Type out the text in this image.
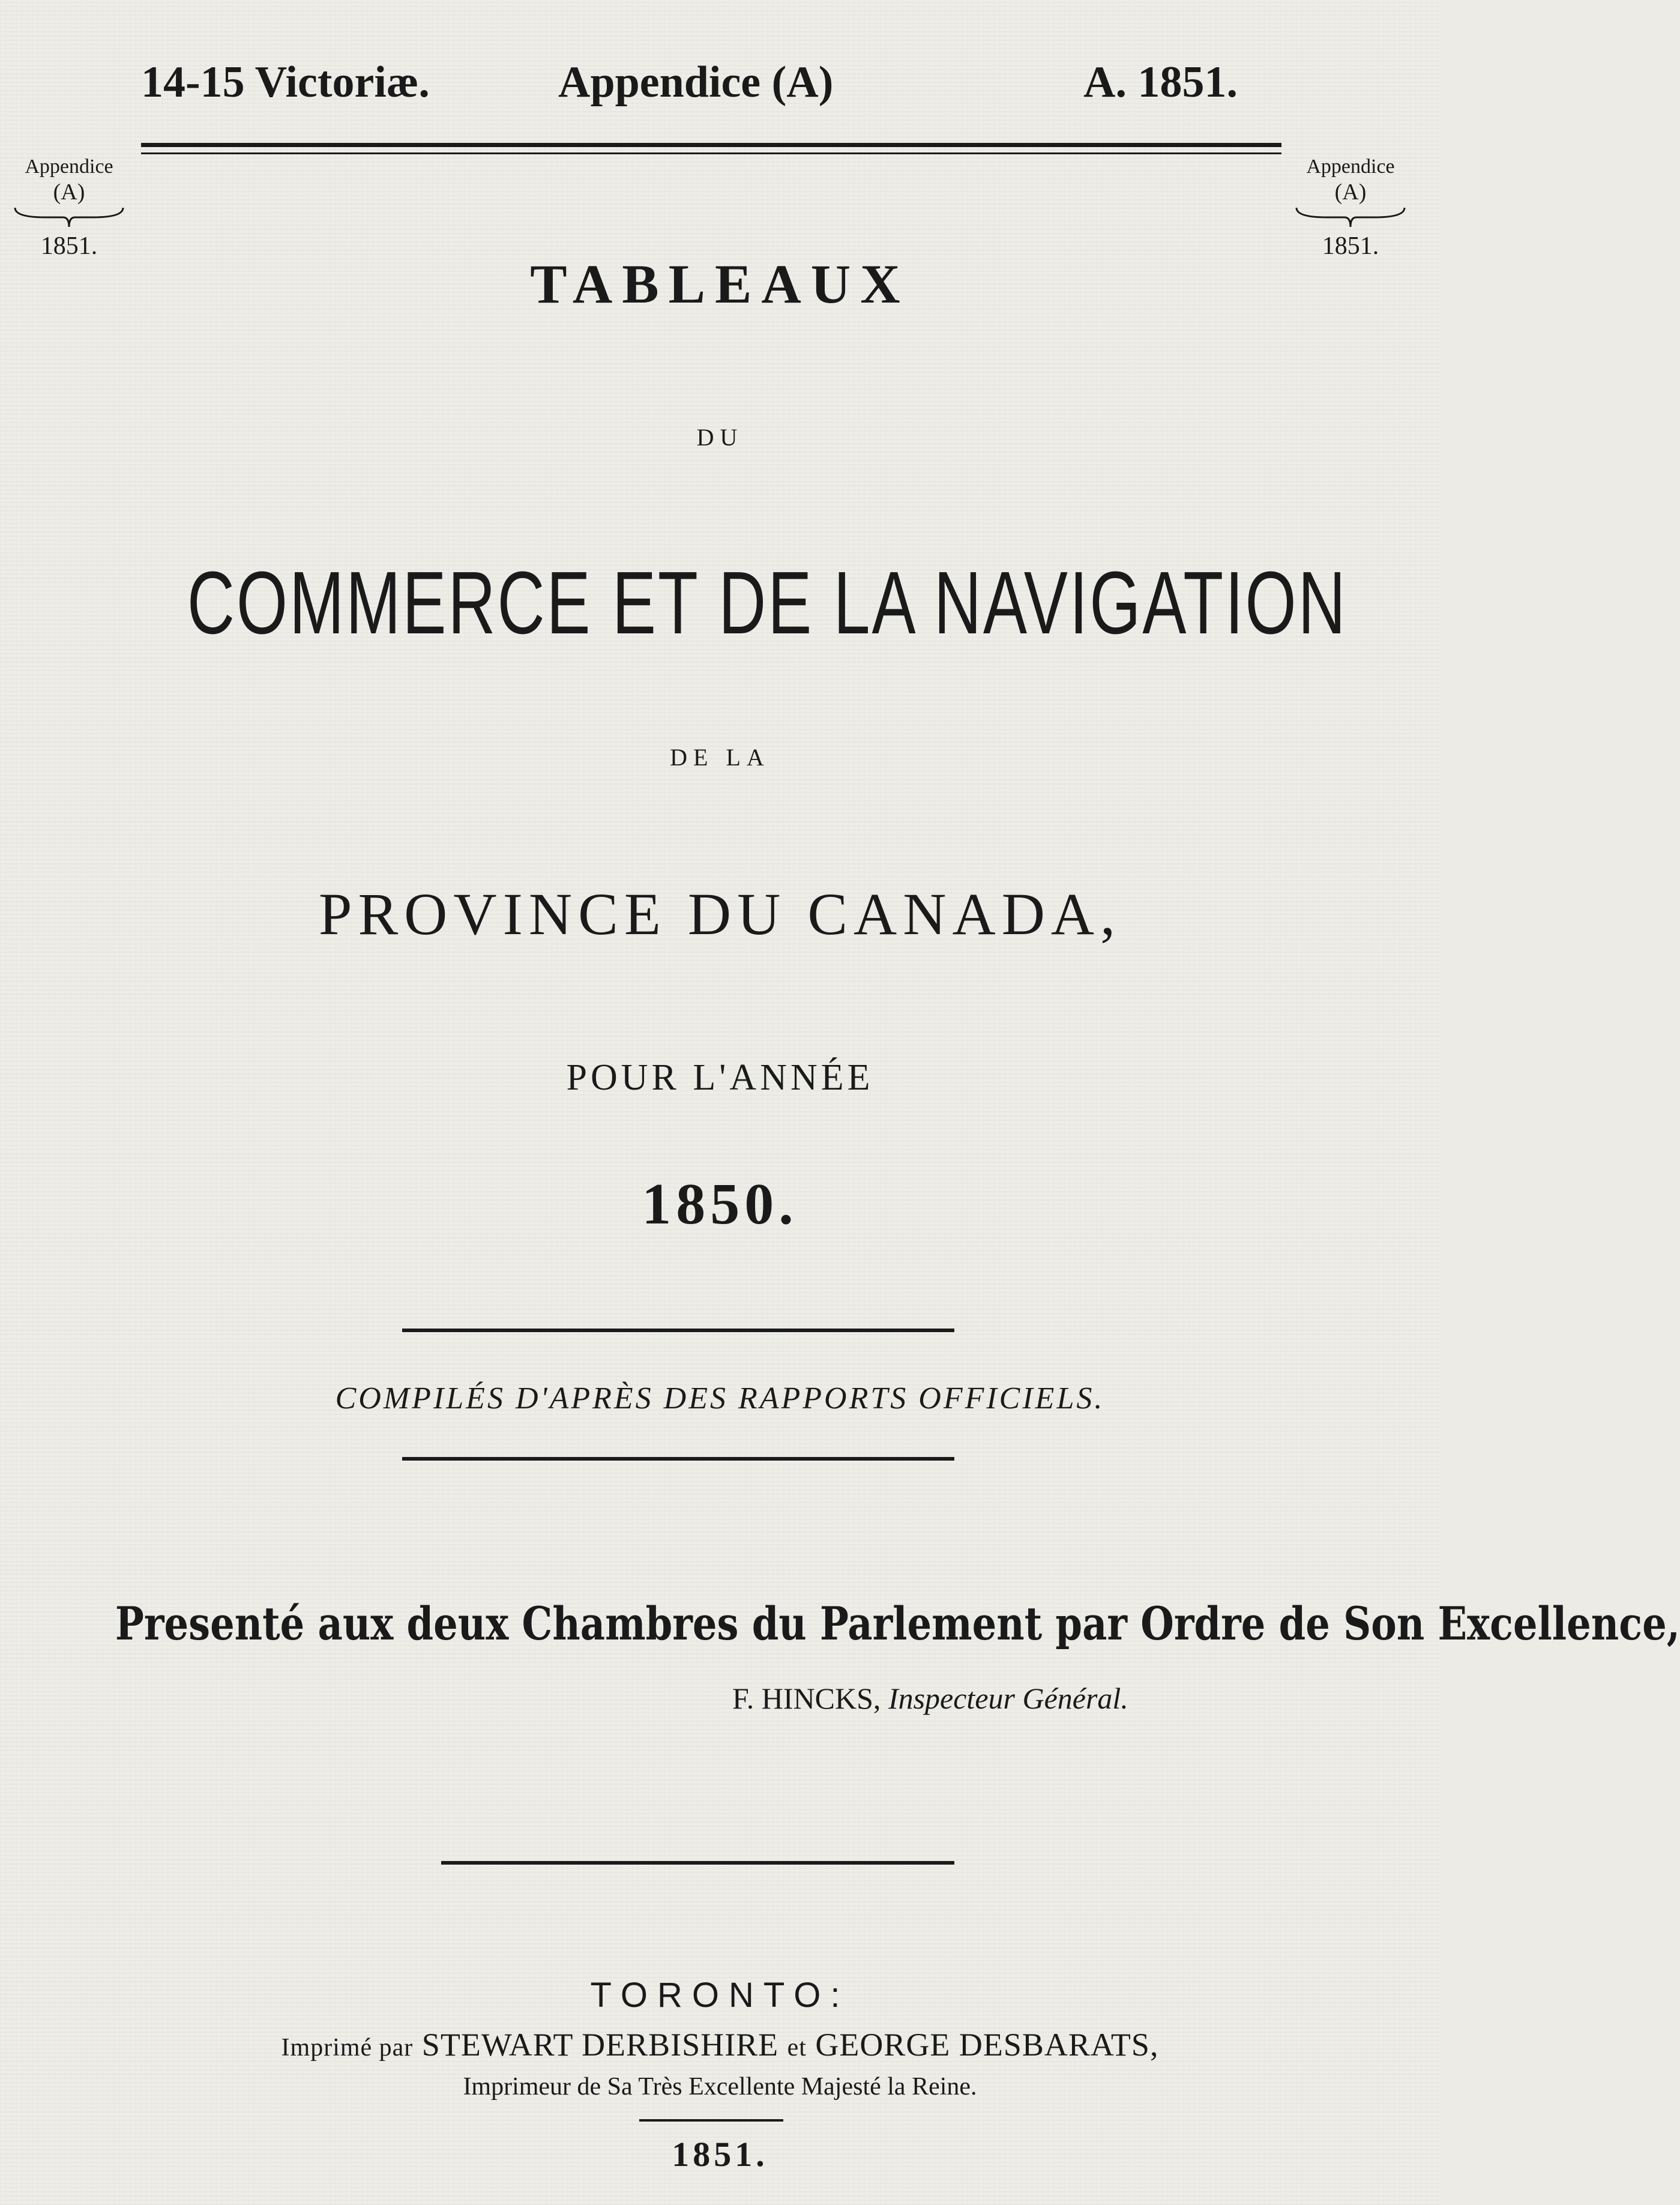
14-15 Victoriæ.	Appendice (A)	A. 1851.
Appendice
(A)
1851.
Appendice
(A)
1851.
TABLEAUX
DU
COMMERCE ET DE LA NAVIGATION
DE LA
PROVINCE DU CANADA,
POUR L'ANNÉE
1850.
COMPILÉS D'APRÈS DES RAPPORTS OFFICIELS.
Presenté aux deux Chambres du Parlement par Ordre de Son Excellence,
F. HINCKS, Inspecteur Général.
TORONTO:
Imprimé par STEWART DERBISHIRE et GEORGE DESBARATS,
Imprimeur de Sa Très Excellente Majesté la Reine.
1851.
